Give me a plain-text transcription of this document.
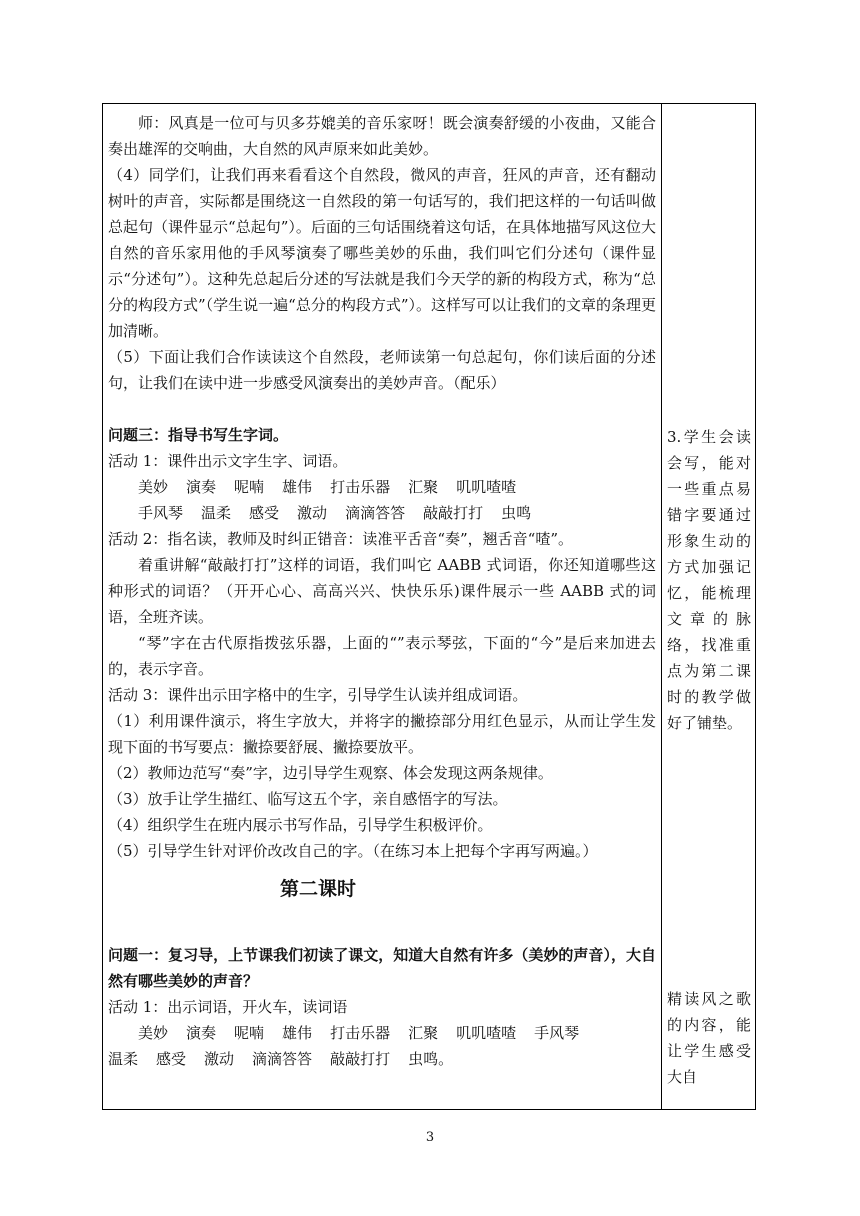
师：风真是一位可与贝多芬媲美的音乐家呀！既会演奏舒缓的小夜曲，又能合奏出雄浑的交响曲，大自然的风声原来如此美妙。

（4）同学们，让我们再来看看这个自然段，微风的声音，狂风的声音，还有翻动树叶的声音，实际都是围绕这一自然段的第一句话写的，我们把这样的一句话叫做总起句（课件显示“总起句”）。后面的三句话围绕着这句话，在具体地描写风这位大自然的音乐家用他的手风琴演奏了哪些美妙的乐曲，我们叫它们分述句（课件显示“分述句”）。这种先总起后分述的写法就是我们今天学的新的构段方式，称为“总分的构段方式”（学生说一遍“总分的构段方式”）。这样写可以让我们的文章的条理更加清晰。

（5）下面让我们合作读读这个自然段，老师读第一句总起句，你们读后面的分述句，让我们在读中进一步感受风演奏出的美妙声音。（配乐）

问题三：指导书写生字词。

活动 1：课件出示文字生字、词语。

美妙 演奏 呢喃 雄伟 打击乐器 汇聚 叽叽喳喳

手风琴 温柔 感受 激动 滴滴答答 敲敲打打 虫鸣

活动 2：指名读，教师及时纠正错音：读准平舌音“奏”，翘舌音“喳”。

着重讲解“敲敲打打”这样的词语，我们叫它 AABB 式词语，你还知道哪些这种形式的词语？（开开心心、高高兴兴、快快乐乐)课件展示一些 AABB 式的词语，全班齐读。

“琴”字在古代原指拨弦乐器，上面的“”表示琴弦，下面的“今”是后来加进去的，表示字音。

活动 3：课件出示田字格中的生字，引导学生认读并组成词语。

（1）利用课件演示，将生字放大，并将字的撇捺部分用红色显示，从而让学生发现下面的书写要点：撇捺要舒展、撇捺要放平。

（2）教师边范写“奏”字，边引导学生观察、体会发现这两条规律。

（3）放手让学生描红、临写这五个字，亲自感悟字的写法。

（4）组织学生在班内展示书写作品，引导学生积极评价。

（5）引导学生针对评价改改自己的字。（在练习本上把每个字再写两遍。）

第二课时

问题一：复习导，上节课我们初读了课文，知道大自然有许多（美妙的声音），大自然有哪些美妙的声音？

活动 1：出示词语，开火车，读词语

美妙 演奏 呢喃 雄伟 打击乐器 汇聚 叽叽喳喳 手风琴

温柔 感受 激动 滴滴答答 敲敲打打 虫鸣。

3.学生会读会写，能对一些重点易错字要通过形象生动的方式加强记忆，能梳理文章的脉络，找准重点为第二课时的教学做好了铺垫。

精读风之歌的内容，能让学生感受大自

3
